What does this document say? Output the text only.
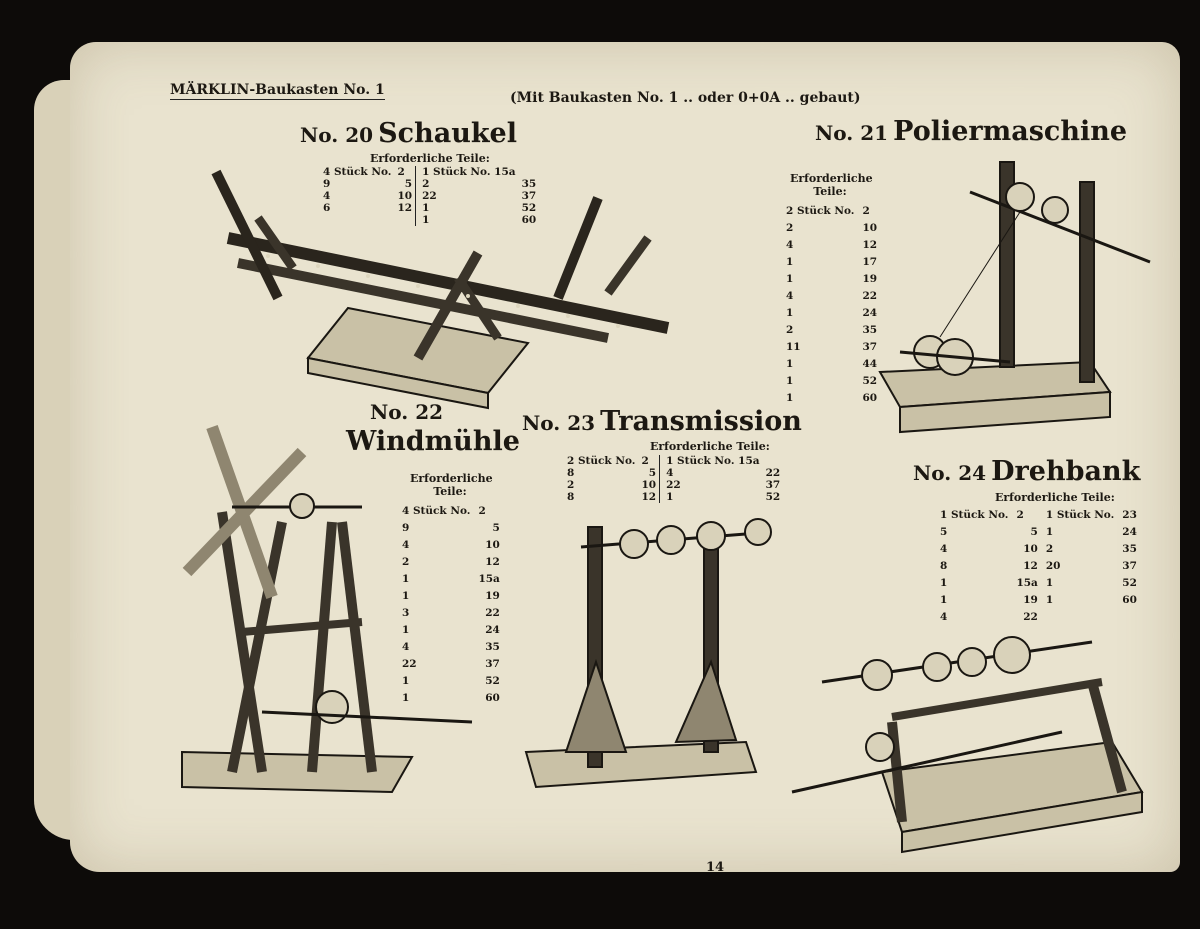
MÄRKLIN-Baukasten No. 1	(Mit Baukasten No. 1 .. oder 0+0A .. gebaut)
No. 20 Schaukel
Erforderliche Teile:
4 Stück No.	2	1 Stück No. 15a	
9	5	2	35
4	10	22	37
6	12	1	52
		1	60
No. 21 Poliermaschine
Erforderliche
Teile:
2 Stück No.	2
2	10
4	12
1	17
1	19
4	22
1	24
2	35
11	37
1	44
1	52
1	60
No. 22
Windmühle
Erforderliche
Teile:
4 Stück No.	2
9	5
4	10
2	12
1	15a
1	19
3	22
1	24
4	35
22	37
1	52
1	60
No. 23 Transmission
Erforderliche Teile:
2 Stück No.	2	1 Stück No. 15a	
8	5	4	22
2	10	22	37
8	12	1	52
No. 24 Drehbank
Erforderliche Teile:
1 Stück No.	2	1 Stück No.	23
5	5	1	24
4	10	2	35
8	12	20	37
1	15a	1	52
1	19	1	60
4	22		
14
